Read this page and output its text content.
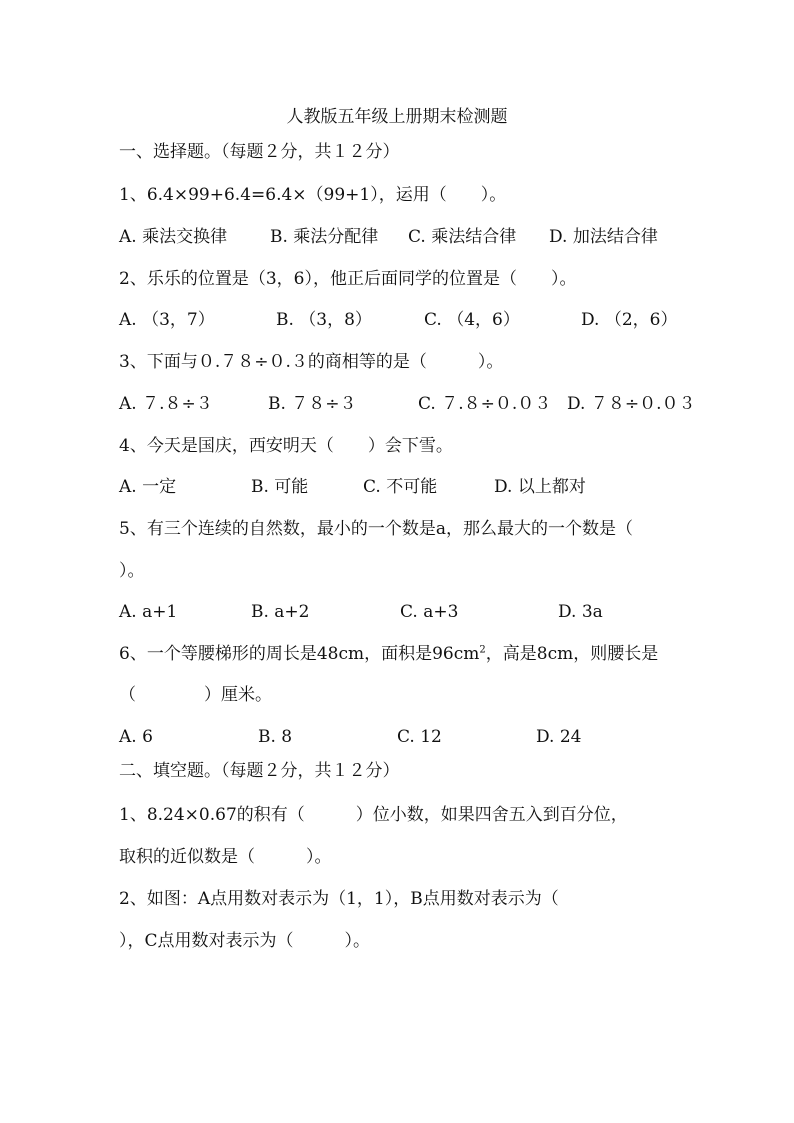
人教版五年级上册期末检测题
一、选择题。（每题２分，共１２分）
1、6.4×99+6.4=6.4×（99+1），运用（　　）。
A. 乘法交换律	B. 乘法分配律 C. 乘法结合律 D. 加法结合律
2、乐乐的位置是（3，6），他正后面同学的位置是（　　）。
A. （3，7）	B. （3，8）	C. （4，6）	D. （2，6）
3、下面与０.７８÷０.３的商相等的是（　　　）。
A. ７.８÷３	B. ７８÷３	C. ７.８÷０.０３ D. ７８÷０.０３
4、今天是国庆，西安明天（　　）会下雪。
A. 一定	B. 可能	C. 不可能	D. 以上都对
5、有三个连续的自然数，最小的一个数是a，那么最大的一个数是（
）。
A. a+1	B. a+2	C. a+3	D. 3a
6、一个等腰梯形的周长是48cm，面积是$96cm^2$，高是8cm，则腰长是
（　　　　）厘米。
A. 6	B. 8	C. 12	D. 24
二、填空题。（每题２分，共１２分）
1、8.24×0.67的积有（　　　）位小数，如果四舍五入到百分位，
取积的近似数是（　　　）。
2、如图：A点用数对表示为（1，1），B点用数对表示为（
），C点用数对表示为（　　　）。
